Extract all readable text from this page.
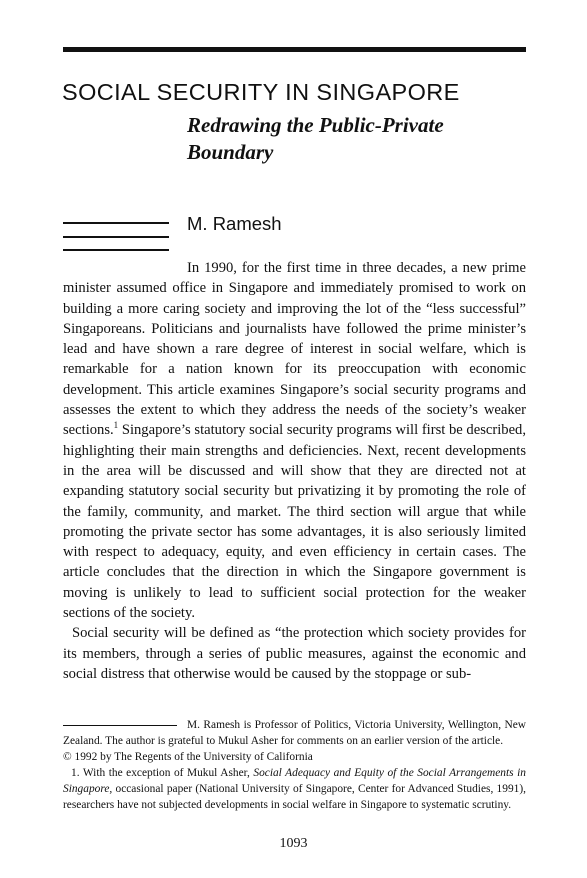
SOCIAL SECURITY IN SINGAPORE
Redrawing the Public-Private
Boundary
M. Ramesh

In 1990, for the first time in three decades, a new prime minister assumed office in Singapore and immediately promised to work on building a more caring society and improving the lot of the “less successful” Singaporeans. Politicians and journalists have followed the prime minister’s lead and have shown a rare degree of interest in social welfare, which is remarkable for a nation known for its preoccupation with economic development. This article examines Singapore’s social security programs and assesses the extent to which they address the needs of the society’s weaker sections.$^1$ Singapore’s statutory social security programs will first be described, highlighting their main strengths and deficiencies. Next, recent developments in the area will be discussed and will show that they are directed not at expanding statutory social security but privatizing it by promoting the role of the family, community, and market. The third section will argue that while promoting the private sector has some advantages, it is also seriously limited with respect to adequacy, equity, and even efficiency in certain cases. The article concludes that the direction in which the Singapore government is moving is unlikely to lead to sufficient social protection for the weaker sections of the society.

Social security will be defined as “the protection which society provides for its members, through a series of public measures, against the economic and social distress that otherwise would be caused by the stoppage or sub-

M. Ramesh is Professor of Politics, Victoria University, Wellington, New Zealand. The author is grateful to Mukul Asher for comments on an earlier version of the article.

© 1992 by The Regents of the University of California

1. With the exception of Mukul Asher, Social Adequacy and Equity of the Social Arrangements in Singapore, occasional paper (National University of Singapore, Center for Advanced Studies, 1991), researchers have not subjected developments in social welfare in Singapore to systematic scrutiny.

1093
